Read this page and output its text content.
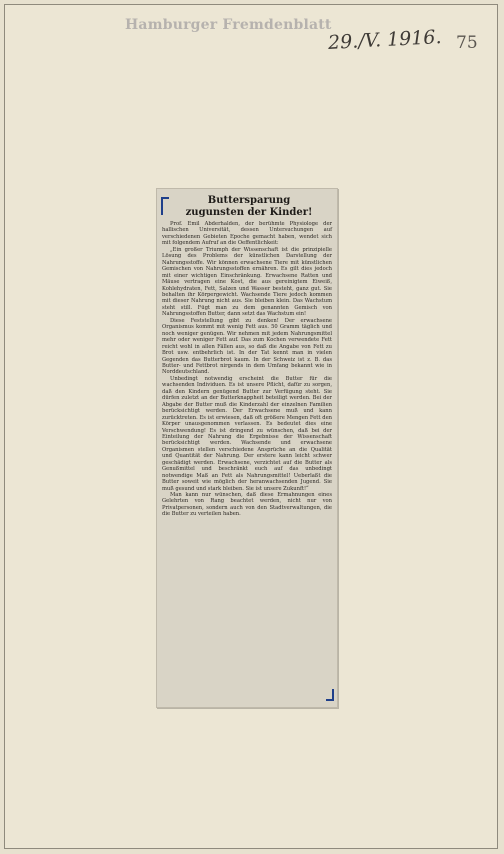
Hamburger Fremdenblatt
29./V. 1916. 75
Buttersparung
zugunsten der Kinder!

Prof. Emil Abderhalden, der berühmte Physiologe der hallischen Universität, dessen Untersuchungen auf verschiedenen Gebieten Epoche gemacht haben, wendet sich mit folgendem Aufruf an die Oeffentlichkeit:

„Ein großer Triumph der Wissenschaft ist die prinzipielle Lösung des Problems der künstlichen Darstellung der Nahrungsstoffe. Wir können erwachsene Tiere mit künstlichen Gemischen von Nahrungsstoffen ernähren. Es gilt dies jedoch mit einer wichtigen Einschränkung. Erwachsene Ratten und Mäuse vertragen eine Kost, die aus gereinigtem Eiweiß, Kohlehydraten, Fett, Salzen und Wasser besteht, ganz gut. Sie behalten ihr Körpergewicht. Wachsende Tiere jedoch kommen mit dieser Nahrung nicht aus. Sie bleiben klein. Das Wachstum steht still. Fügt man zu dem genannten Gemisch von Nahrungsstoffen Butter, dann setzt das Wachstum ein!

Diese Feststellung gibt zu denken! Der erwachsene Organismus kommt mit wenig Fett aus. 50 Gramm täglich und noch weniger genügen. Wir nehmen mit jedem Nahrungsmittel mehr oder weniger Fett auf. Das zum Kochen verwendete Fett reicht wohl in allen Fällen aus, so daß die Angabe von Fett zu Brot usw. entbehrlich ist. In der Tat kennt man in vielen Gegenden das Butterbrot kaum. In der Schweiz ist z. B. das Butter- und Fettbrot nirgends in dem Umfang bekannt wie in Norddeutschland.

Unbedingt notwendig erscheint die Butter für die wachsenden Individuen. Es ist unsere Pflicht, dafür zu sorgen, daß den Kindern genügend Butter zur Verfügung steht. Sie dürfen zuletzt an der Butterknappheit beteiligt werden. Bei der Abgabe der Butter muß die Kinderzahl der einzelnen Familien berücksichtigt werden. Der Erwachsene muß und kann zurücktreten. Es ist erwiesen, daß oft größere Mengen Fett den Körper unausgenommen verlassen. Es bedeutet dies eine Verschwendung! Es ist dringend zu wünschen, daß bei der Einteilung der Nahrung die Ergebnisse der Wissenschaft berücksichtigt werden. Wachsende und erwachsene Organismen stellen verschiedene Ansprüche an die Qualität und Quantität der Nahrung. Der erstere kann leicht schwer geschädigt werden. Erwachsene, verzichtet auf die Butter als Genußmittel und beschränkt euch auf das unbedingt notwendige Maß an Fett als Nahrungsmittel! Ueberlaßt die Butter soweit wie möglich der heranwachsenden Jugend. Sie muß gesund und stark bleiben. Sie ist unsere Zukunft!“

Man kann nur wünschen, daß diese Ermahnungen eines Gelehrten von Rang beachtet werden, nicht nur von Privatpersonen, sondern auch von den Stadtverwaltungen, die die Butter zu verteilen haben.
